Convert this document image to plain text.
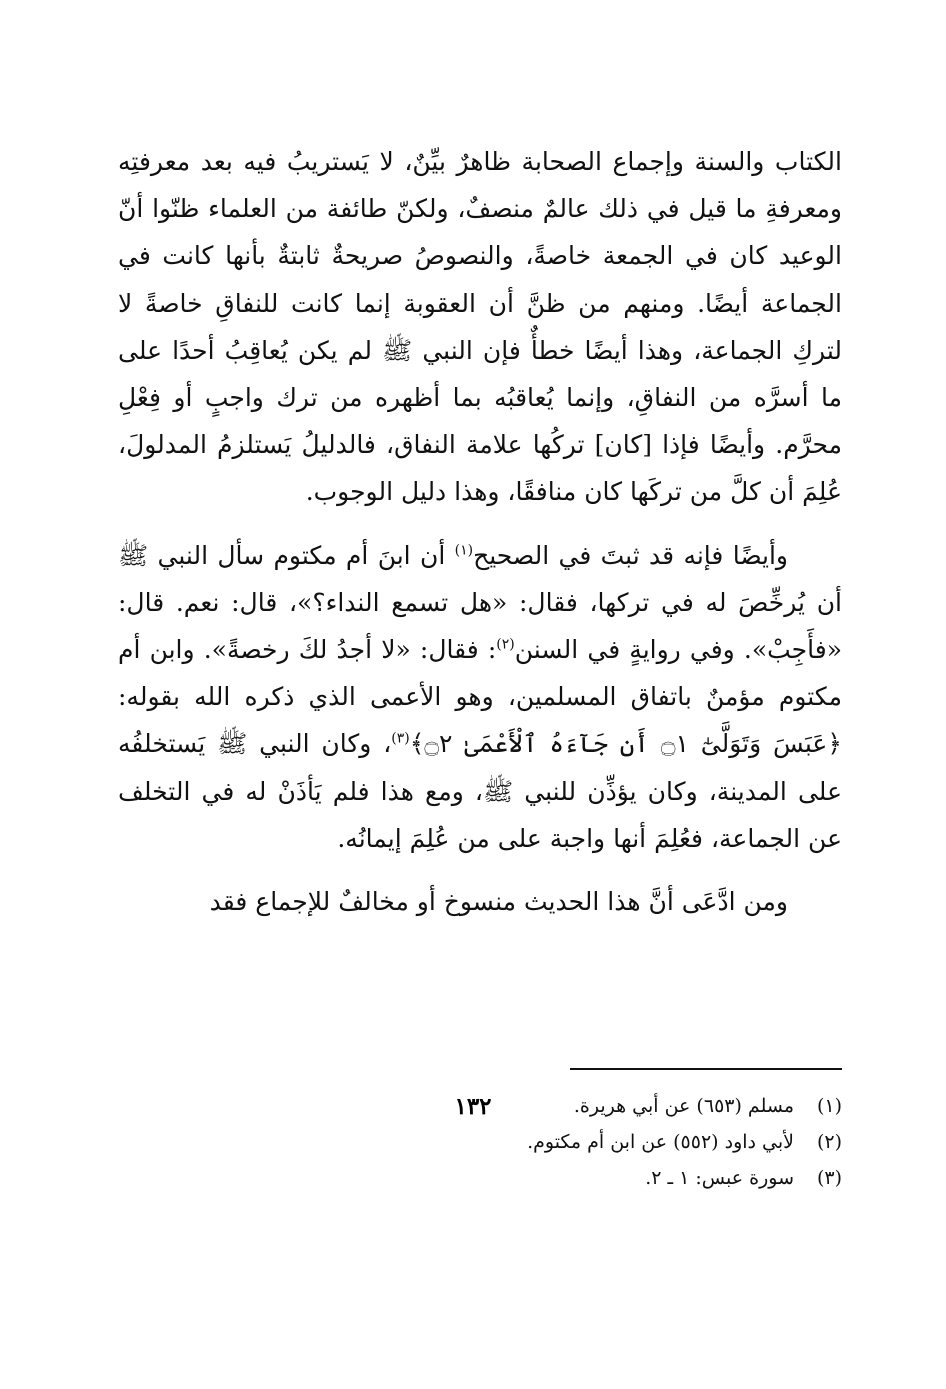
الكتاب والسنة وإجماع الصحابة ظاهرٌ بيِّنٌ، لا يَستريبُ فيه بعد معرفتِه ومعرفةِ ما قيل في ذلك عالمٌ منصفٌ، ولكنّ طائفة من العلماء ظنّوا أنّ الوعيد كان في الجمعة خاصةً، والنصوصُ صريحةٌ ثابتةٌ بأنها كانت في الجماعة أيضًا. ومنهم من ظنَّ أن العقوبة إنما كانت للنفاقِ خاصةً لا لتركِ الجماعة، وهذا أيضًا خطأٌ فإن النبي ﷺ لم يكن يُعاقِبُ أحدًا على ما أسرَّه من النفاقِ، وإنما يُعاقبُه بما أظهره من ترك واجبٍ أو فِعْلِ محرَّم. وأيضًا فإذا [كان] تركُها علامة النفاق، فالدليلُ يَستلزمُ المدلولَ، عُلِمَ أن كلَّ من تركَها كان منافقًا، وهذا دليل الوجوب.

وأيضًا فإنه قد ثبتَ في الصحيح$^{(١)}$ أن ابنَ أم مكتوم سأل النبي ﷺ أن يُرخِّصَ له في تركها، فقال: «هل تسمع النداء؟»، قال: نعم. قال: «فأَجِبْ». وفي روايةٍ في السنن$^{(٢)}$: فقال: «لا أجدُ لكَ رخصةً». وابن أم مكتوم مؤمنٌ باتفاق المسلمين، وهو الأعمى الذي ذكره الله بقوله: ﴿عَبَسَ وَتَوَلَّىٰٓ ۝١ أَن جَآءَهُ ٱلْأَعْمَىٰ ۝٢﴾$^{(٣)}$، وكان النبي ﷺ يَستخلفُه على المدينة، وكان يؤذِّن للنبي ﷺ، ومع هذا فلم يَأذَنْ له في التخلف عن الجماعة، فعُلِمَ أنها واجبة على من عُلِمَ إيمانُه.

ومن ادَّعَى أنَّ هذا الحديث منسوخ أو مخالفٌ للإجماع فقد

(١)
مسلم (٦٥٣) عن أبي هريرة.
(٢)
لأبي داود (٥٥٢) عن ابن أم مكتوم.
(٣)
سورة عبس: ١ ـ ٢.
١٣٢
